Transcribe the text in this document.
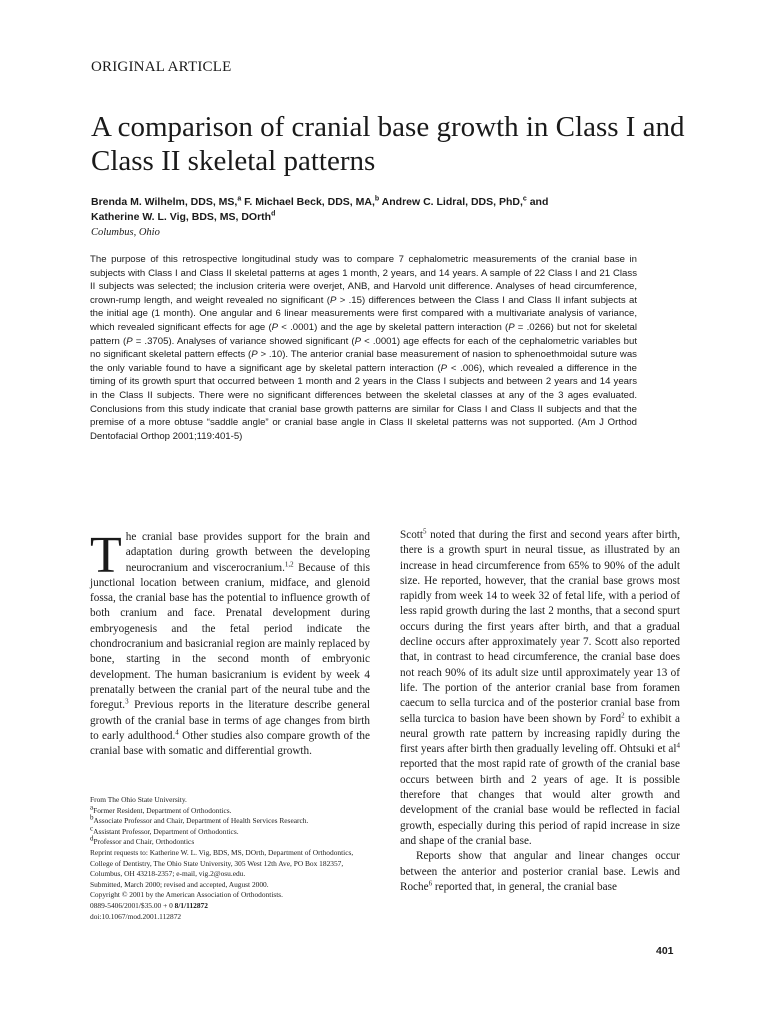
ORIGINAL ARTICLE
A comparison of cranial base growth in Class I and Class II skeletal patterns
Brenda M. Wilhelm, DDS, MS,$^a$ F. Michael Beck, DDS, MA,$^b$ Andrew C. Lidral, DDS, PhD,$^c$ and
Katherine W. L. Vig, BDS, MS, DOrth$^d$
Columbus, Ohio

The purpose of this retrospective longitudinal study was to compare 7 cephalometric measurements of the cranial base in subjects with Class I and Class II skeletal patterns at ages 1 month, 2 years, and 14 years. A sample of 22 Class I and 21 Class II subjects was selected; the inclusion criteria were overjet, ANB, and Harvold unit difference. Analyses of head circumference, crown-rump length, and weight revealed no significant (P > .15) differences between the Class I and Class II infant subjects at the initial age (1 month). One angular and 6 linear measurements were first compared with a multivariate analysis of variance, which revealed significant effects for age (P < .0001) and the age by skeletal pattern interaction (P = .0266) but not for skeletal pattern (P = .3705). Analyses of variance showed significant (P < .0001) age effects for each of the cephalometric variables but no significant skeletal pattern effects (P > .10). The anterior cranial base measurement of nasion to sphenoethmoidal suture was the only variable found to have a significant age by skeletal pattern interaction (P < .006), which revealed a difference in the timing of its growth spurt that occurred between 1 month and 2 years in the Class I subjects and between 2 years and 14 years in the Class II subjects. There were no significant differences between the skeletal classes at any of the 3 ages evaluated. Conclusions from this study indicate that cranial base growth patterns are similar for Class I and Class II subjects and that the premise of a more obtuse “saddle angle” or cranial base angle in Class II skeletal patterns was not supported. (Am J Orthod Dentofacial Orthop 2001;119:401-5)

The cranial base provides support for the brain and adaptation during growth between the developing neurocranium and viscerocranium.$^{1,2}$ Because of this junctional location between cranium, midface, and glenoid fossa, the cranial base has the potential to influence growth of both cranium and face. Prenatal development during embryogenesis and the fetal period indicate the chondrocranium and basicranial region are mainly replaced by bone, starting in the second month of embryonic development. The human basicranium is evident by week 4 prenatally between the cranial part of the neural tube and the foregut.$^3$ Previous reports in the literature describe general growth of the cranial base in terms of age changes from birth to early adulthood.$^4$ Other studies also compare growth of the cranial base with somatic and differential growth.

From The Ohio State University.
$^a$Former Resident, Department of Orthodontics.
$^b$Associate Professor and Chair, Department of Health Services Research.
$^c$Assistant Professor, Department of Orthodontics.
$^d$Professor and Chair, Orthodontics
Reprint requests to: Katherine W. L. Vig, BDS, MS, DOrth, Department of Orthodontics, College of Dentistry, The Ohio State University, 305 West 12th Ave, PO Box 182357, Columbus, OH 43218-2357; e-mail, vig.2@osu.edu.
Submitted, March 2000; revised and accepted, August 2000.
Copyright © 2001 by the American Association of Orthodontists.
0889-5406/2001/$35.00 + 0 8/1/112872
doi:10.1067/mod.2001.112872

Scott$^5$ noted that during the first and second years after birth, there is a growth spurt in neural tissue, as illustrated by an increase in head circumference from 65% to 90% of the adult size. He reported, however, that the cranial base grows most rapidly from week 14 to week 32 of fetal life, with a period of less rapid growth during the last 2 months, that a second spurt occurs during the first years after birth, and that a gradual decline occurs after approximately year 7. Scott also reported that, in contrast to head circumference, the cranial base does not reach 90% of its adult size until approximately year 13 of life. The portion of the anterior cranial base from foramen caecum to sella turcica and of the posterior cranial base from sella turcica to basion have been shown by Ford$^2$ to exhibit a neural growth rate pattern by increasing rapidly during the first years after birth then gradually leveling off. Ohtsuki et $al^4$ reported that the most rapid rate of growth of the cranial base occurs between birth and 2 years of age. It is possible therefore that changes that would alter growth and development of the cranial base would be reflected in facial growth, especially during this period of rapid increase in size and shape of the cranial base.

Reports show that angular and linear changes occur between the anterior and posterior cranial base. Lewis and Roche$^6$ reported that, in general, the cranial base

401
